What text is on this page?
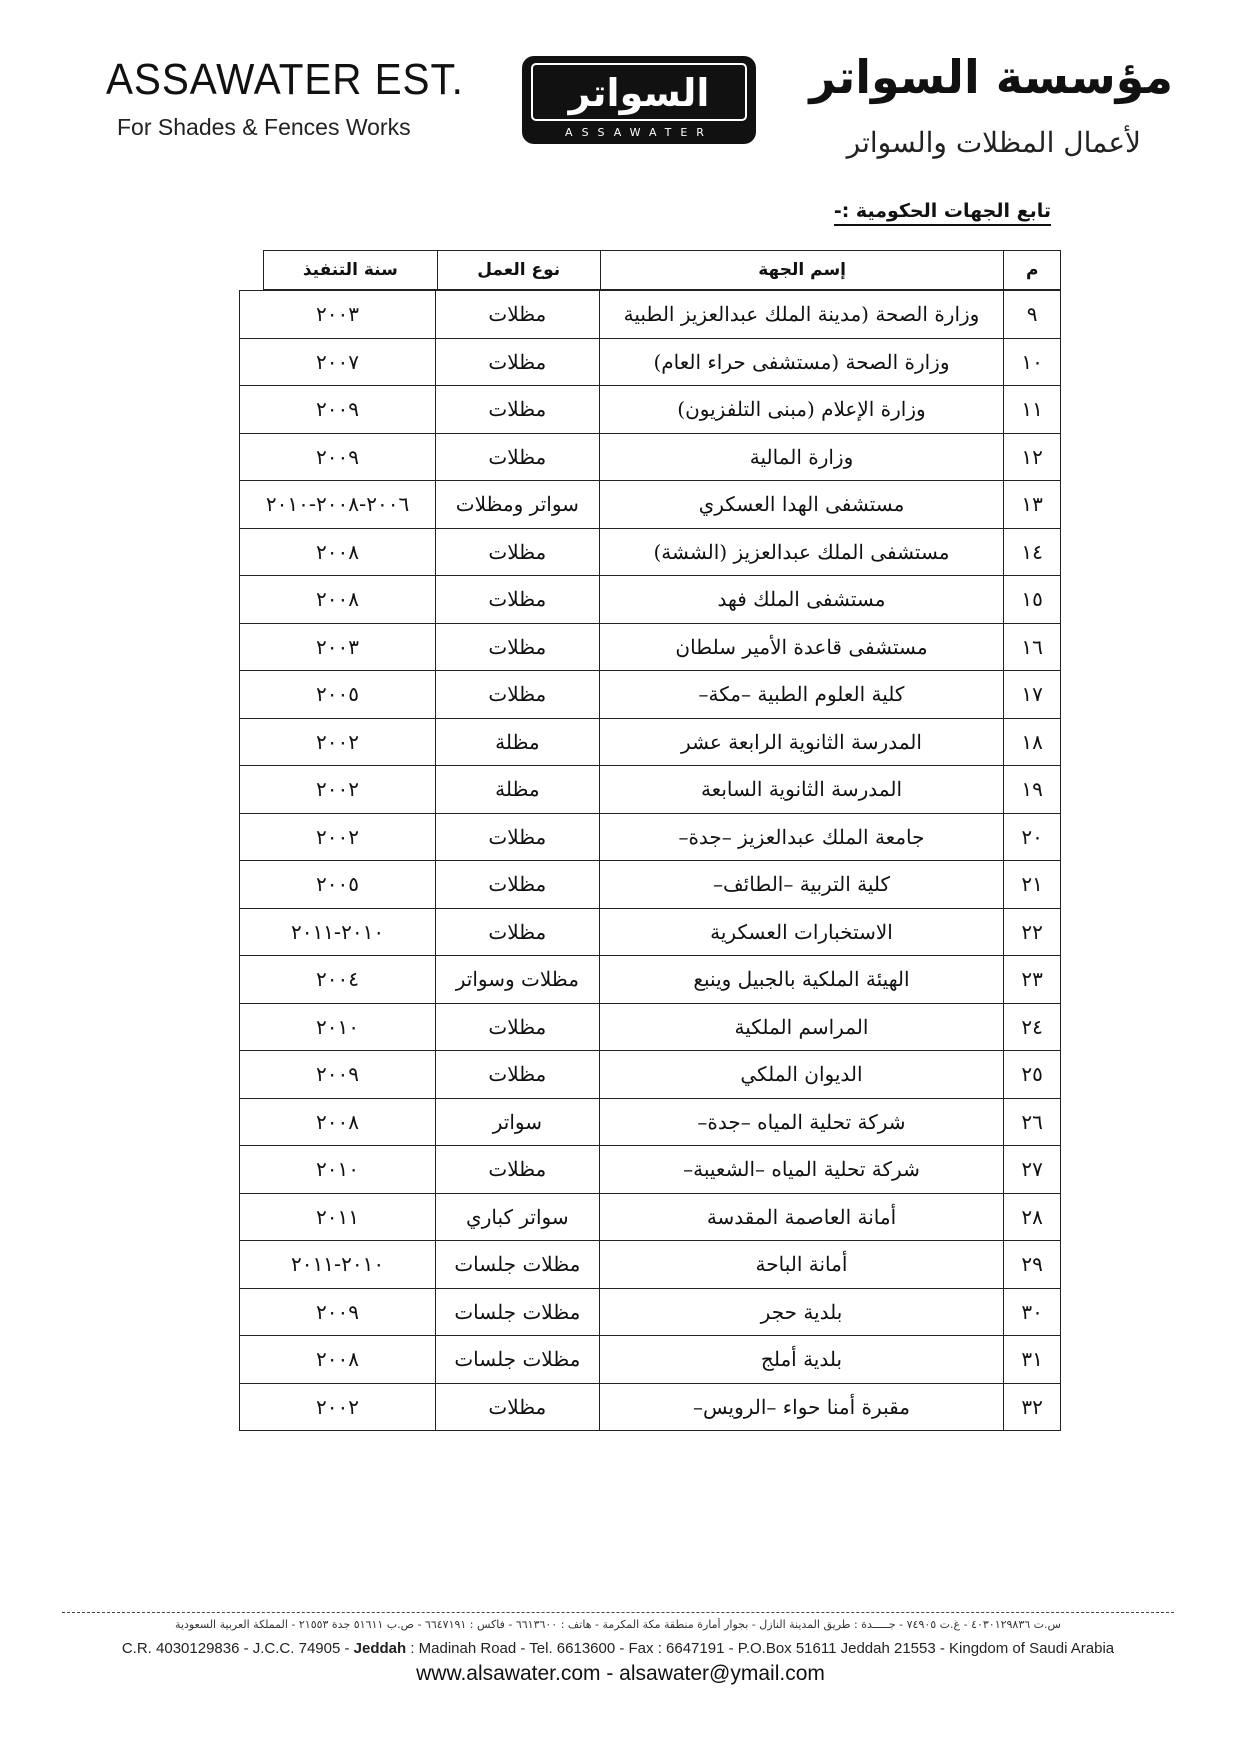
ASSAWATER EST.
For Shades & Fences Works
السواتر
ASSAWATER
مؤسسة السواتر
لأعمال المظلات والسواتر
تابع الجهات الحكومية :-
سنة التنفيذ	نوع العمل	إسم الجهة	م
٢٠٠٣	مظلات	وزارة الصحة (مدينة الملك عبدالعزيز الطبية	٩
٢٠٠٧	مظلات	وزارة الصحة (مستشفى حراء العام)	١٠
٢٠٠٩	مظلات	وزارة الإعلام (مبنى التلفزيون)	١١
٢٠٠٩	مظلات	وزارة المالية	١٢
٢٠٠٦-٢٠٠٨-٢٠١٠	سواتر ومظلات	مستشفى الهدا العسكري	١٣
٢٠٠٨	مظلات	مستشفى الملك عبدالعزيز (الششة)	١٤
٢٠٠٨	مظلات	مستشفى الملك فهد	١٥
٢٠٠٣	مظلات	مستشفى قاعدة الأمير سلطان	١٦
٢٠٠٥	مظلات	كلية العلوم الطبية –مكة–	١٧
٢٠٠٢	مظلة	المدرسة الثانوية الرابعة عشر	١٨
٢٠٠٢	مظلة	المدرسة الثانوية السابعة	١٩
٢٠٠٢	مظلات	جامعة الملك عبدالعزيز –جدة–	٢٠
٢٠٠٥	مظلات	كلية التربية –الطائف–	٢١
٢٠١٠-٢٠١١	مظلات	الاستخبارات العسكرية	٢٢
٢٠٠٤	مظلات وسواتر	الهيئة الملكية بالجبيل وينبع	٢٣
٢٠١٠	مظلات	المراسم الملكية	٢٤
٢٠٠٩	مظلات	الديوان الملكي	٢٥
٢٠٠٨	سواتر	شركة تحلية المياه –جدة–	٢٦
٢٠١٠	مظلات	شركة تحلية المياه –الشعيبة–	٢٧
٢٠١١	سواتر كباري	أمانة العاصمة المقدسة	٢٨
٢٠١٠-٢٠١١	مظلات جلسات	أمانة الباحة	٢٩
٢٠٠٩	مظلات جلسات	بلدية حجر	٣٠
٢٠٠٨	مظلات جلسات	بلدية أملج	٣١
٢٠٠٢	مظلات	مقبرة أمنا حواء –الرويس–	٣٢
س.ت ٤٠٣٠١٢٩٨٣٦ - غ.ت ٧٤٩٠٥ - جـــــدة : طريق المدينة النازل - بجوار أمارة منطقة مكة المكرمة - هاتف : ٦٦١٣٦٠٠ - فاكس : ٦٦٤٧١٩١ - ص.ب ٥١٦١١ جدة ٢١٥٥٣ - المملكة العربية السعودية
C.R. 4030129836 - J.C.C. 74905 - Jeddah : Madinah Road - Tel. 6613600 - Fax : 6647191 - P.O.Box 51611 Jeddah 21553 - Kingdom of Saudi Arabia
www.alsawater.com - alsawater@ymail.com
